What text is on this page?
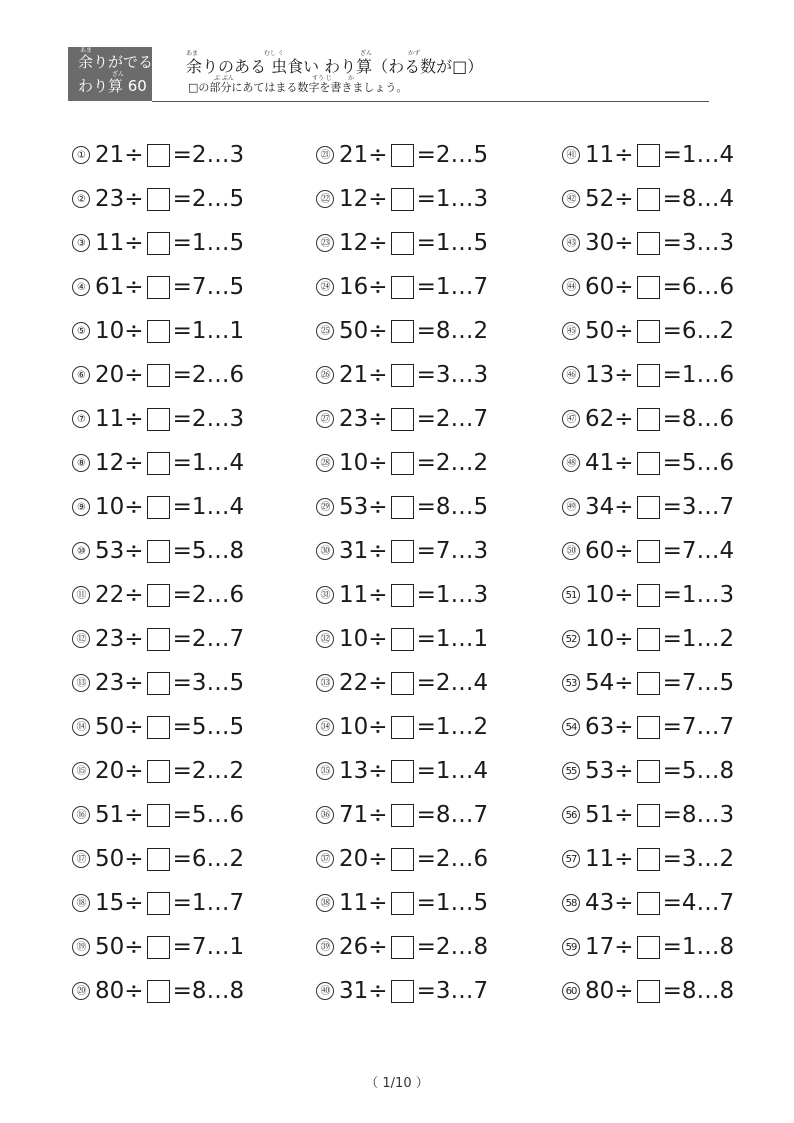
あま
余りがでる
ざん
わり算 60
あま	むし く	ざん	かず
余りのある 虫食い わり算（わる数が□）
ぶ ぶん	すう じ	か
□の部分にあてはまる数字を書きましょう。
① 21 ÷ = 2 … 3
② 23 ÷ = 2 … 5
③ 11 ÷ = 1 … 5
④ 61 ÷ = 7 … 5
⑤ 10 ÷ = 1 … 1
⑥ 20 ÷ = 2 … 6
⑦ 11 ÷ = 2 … 3
⑧ 12 ÷ = 1 … 4
⑨ 10 ÷ = 1 … 4
⑩ 53 ÷ = 5 … 8
⑪ 22 ÷ = 2 … 6
⑫ 23 ÷ = 2 … 7
⑬ 23 ÷ = 3 … 5
⑭ 50 ÷ = 5 … 5
⑮ 20 ÷ = 2 … 2
⑯ 51 ÷ = 5 … 6
⑰ 50 ÷ = 6 … 2
⑱ 15 ÷ = 1 … 7
⑲ 50 ÷ = 7 … 1
⑳ 80 ÷ = 8 … 8
㉑ 21 ÷ = 2 … 5
㉒ 12 ÷ = 1 … 3
㉓ 12 ÷ = 1 … 5
㉔ 16 ÷ = 1 … 7
㉕ 50 ÷ = 8 … 2
㉖ 21 ÷ = 3 … 3
㉗ 23 ÷ = 2 … 7
㉘ 10 ÷ = 2 … 2
㉙ 53 ÷ = 8 … 5
㉚ 31 ÷ = 7 … 3
㉛ 11 ÷ = 1 … 3
㉜ 10 ÷ = 1 … 1
㉝ 22 ÷ = 2 … 4
㉞ 10 ÷ = 1 … 2
㉟ 13 ÷ = 1 … 4
㊱ 71 ÷ = 8 … 7
㊲ 20 ÷ = 2 … 6
㊳ 11 ÷ = 1 … 5
㊴ 26 ÷ = 2 … 8
㊵ 31 ÷ = 3 … 7
㊶ 11 ÷ = 1 … 4
㊷ 52 ÷ = 8 … 4
㊸ 30 ÷ = 3 … 3
㊹ 60 ÷ = 6 … 6
㊺ 50 ÷ = 6 … 2
㊻ 13 ÷ = 1 … 6
㊼ 62 ÷ = 8 … 6
㊽ 41 ÷ = 5 … 6
㊾ 34 ÷ = 3 … 7
㊿ 60 ÷ = 7 … 4
51 10 ÷ = 1 … 3
52 10 ÷ = 1 … 2
53 54 ÷ = 7 … 5
54 63 ÷ = 7 … 7
55 53 ÷ = 5 … 8
56 51 ÷ = 8 … 3
57 11 ÷ = 3 … 2
58 43 ÷ = 4 … 7
59 17 ÷ = 1 … 8
60 80 ÷ = 8 … 8
（ 1/10 ）
